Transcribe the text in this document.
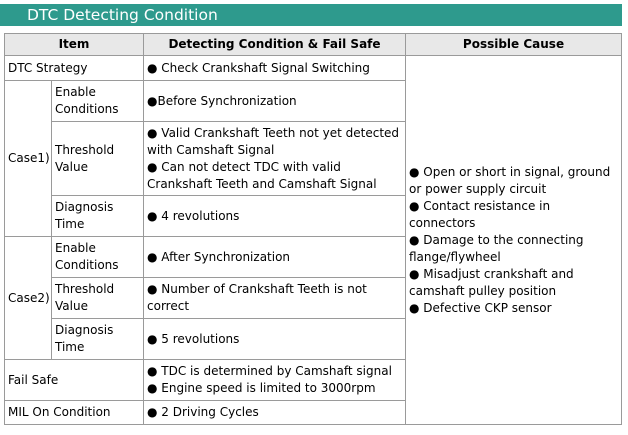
DTC Detecting Condition
Item		Detecting Condition & Fail Safe	Possible Cause
DTC Strategy		● Check Crankshaft Signal Switching	● Open or short in signal, ground or power supply circuit
● Contact resistance in connectors
● Damage to the connecting flange/flywheel
● Misadjust crankshaft and camshaft pulley position
● Defective CKP sensor

Case1)	Enable Conditions	●Before Synchronization	
	Threshold Value	● Valid Crankshaft Teeth not yet detected with Camshaft Signal
● Can not detect TDC with valid Crankshaft Teeth and Camshaft Signal	

	Diagnosis Time	● 4 revolutions	
Case2)	Enable Conditions	● After Synchronization	
	Threshold Value	● Number of Crankshaft Teeth is not correct	
	Diagnosis Time	● 5 revolutions	
Fail Safe		● TDC is determined by Camshaft signal
● Engine speed is limited to 3000rpm	

MIL On Condition		● 2 Driving Cycles	
